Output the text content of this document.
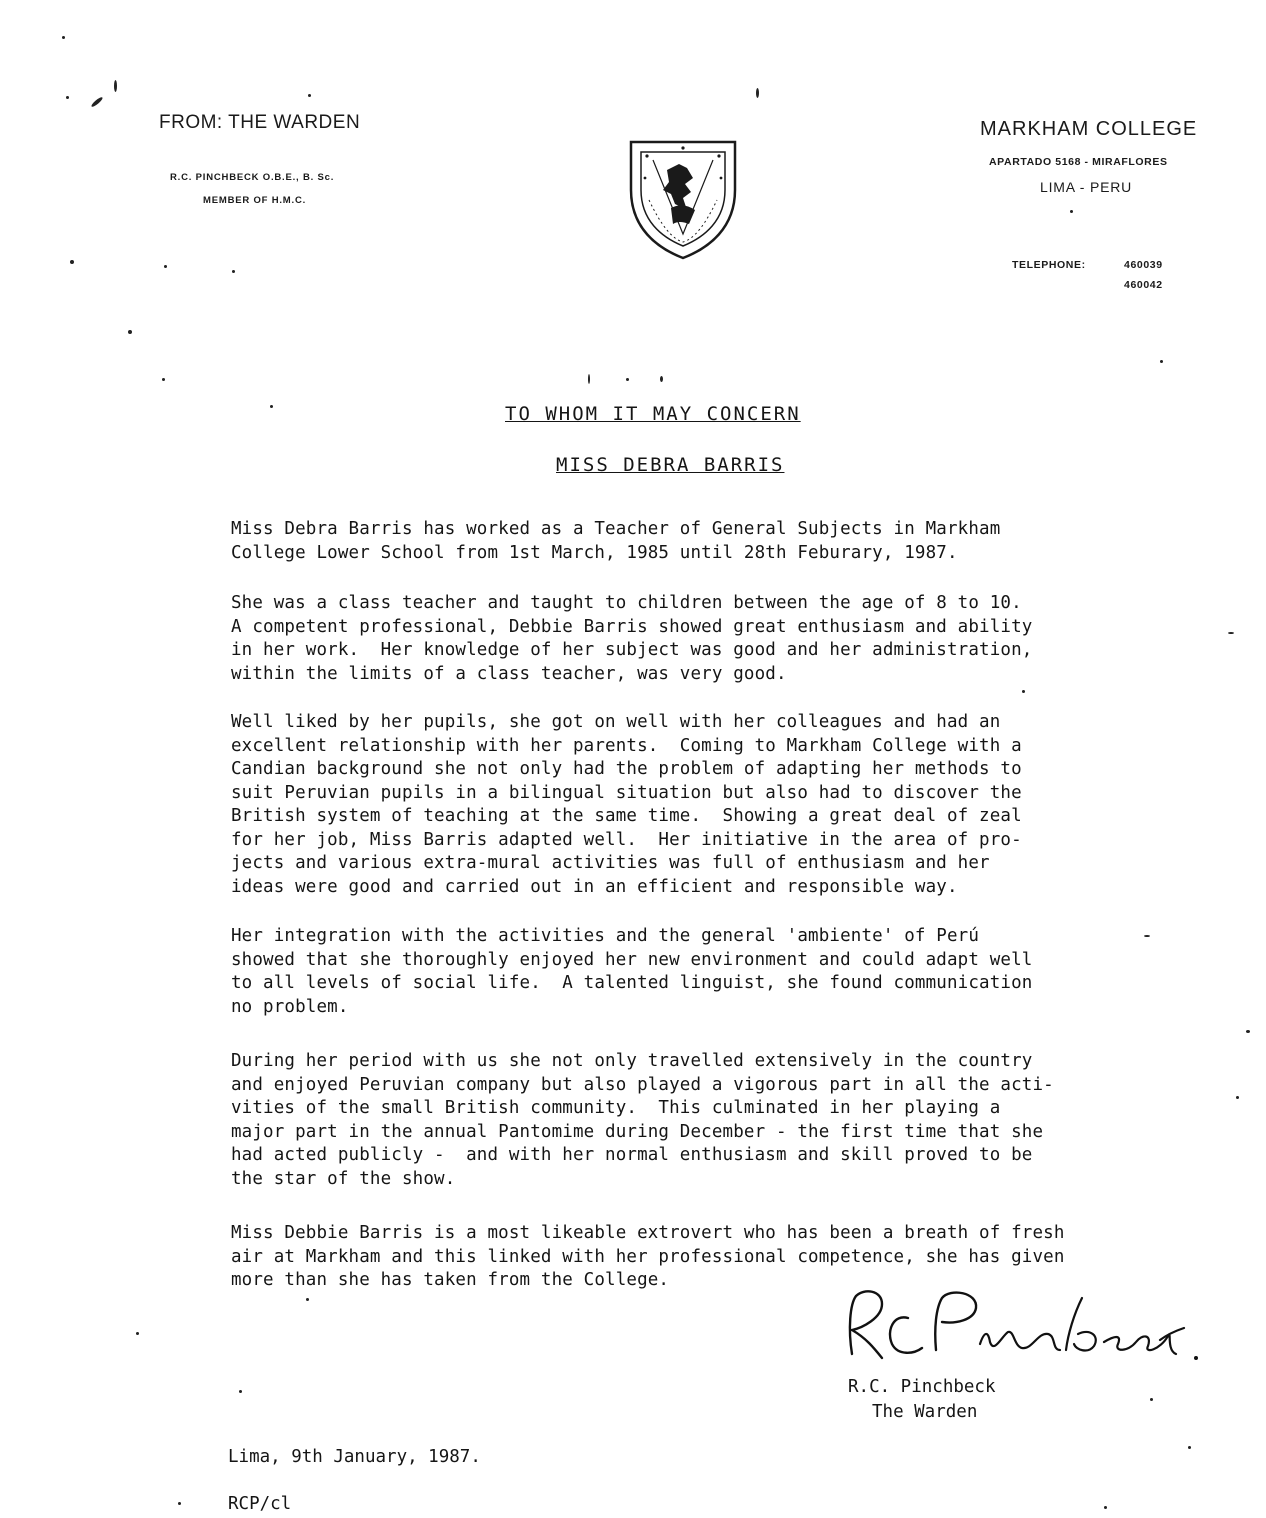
FROM: THE WARDEN
R.C. PINCHBECK O.B.E., B. Sc.
MEMBER OF H.M.C.
MARKHAM COLLEGE
APARTADO 5168 - MIRAFLORES
LIMA - PERU
TELEPHONE:	460039
460042
TO WHOM IT MAY CONCERN
MISS DEBRA BARRIS
Miss Debra Barris has worked as a Teacher of General Subjects in Markham
College Lower School from 1st March, 1985 until 28th Feburary, 1987.
She was a class teacher and taught to children between the age of 8 to 10.
A competent professional, Debbie Barris showed great enthusiasm and ability
in her work.  Her knowledge of her subject was good and her administration,
within the limits of a class teacher, was very good.
Well liked by her pupils, she got on well with her colleagues and had an
excellent relationship with her parents.  Coming to Markham College with a
Candian background she not only had the problem of adapting her methods to
suit Peruvian pupils in a bilingual situation but also had to discover the
British system of teaching at the same time.  Showing a great deal of zeal
for her job, Miss Barris adapted well.  Her initiative in the area of pro-
jects and various extra-mural activities was full of enthusiasm and her
ideas were good and carried out in an efficient and responsible way.
Her integration with the activities and the general 'ambiente' of Perú
showed that she thoroughly enjoyed her new environment and could adapt well
to all levels of social life.  A talented linguist, she found communication
no problem.
During her period with us she not only travelled extensively in the country
and enjoyed Peruvian company but also played a vigorous part in all the acti-
vities of the small British community.  This culminated in her playing a
major part in the annual Pantomime during December - the first time that she
had acted publicly -  and with her normal enthusiasm and skill proved to be
the star of the show.
Miss Debbie Barris is a most likeable extrovert who has been a breath of fresh
air at Markham and this linked with her professional competence, she has given
more than she has taken from the College.
R.C. Pinchbeck
The Warden
Lima, 9th January, 1987.
RCP/cl
